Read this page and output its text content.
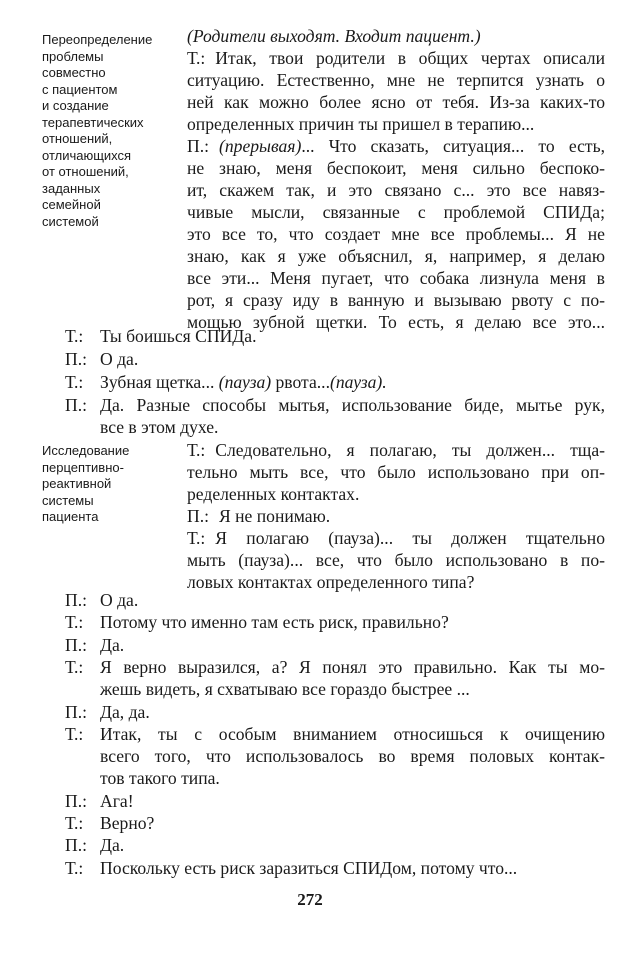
Переопределение
проблемы
совместно
с пациентом
и создание
терапевтических
отношений,
отличающихся
от отношений,
заданных
семейной
системой
(Родители выходят. Входит пациент.)
Т.: Итак, твои родители в общих чертах описали
ситуацию. Естественно, мне не терпится узнать о
ней как можно более ясно от тебя. Из-за каких-то
определенных причин ты пришел в терапию...
П.: (прерывая)... Что сказать, ситуация... то есть,
не знаю, меня беспокоит, меня сильно беспоко-
ит, скажем так, и это связано с... это все навяз-
чивые мысли, связанные с проблемой СПИДа;
это все то, что создает мне все проблемы... Я не
знаю, как я уже объяснил, я, например, я делаю
все эти... Меня пугает, что собака лизнула меня в
рот, я сразу иду в ванную и вызываю рвоту с по-
мощью зубной щетки. То есть, я делаю все это...
Т.: Ты боишься СПИДа.
П.: О да.
Т.: Зубная щетка... (пауза) рвота...(пауза).
П.: Да. Разные способы мытья, использование биде, мытье рук,
все в этом духе.
Исследование
перцептивно-
реактивной
системы
пациента
Т.: Следовательно, я полагаю, ты должен... тща-
тельно мыть все, что было использовано при оп-
ределенных контактах.
П.: Я не понимаю.
Т.: Я полагаю (пауза)... ты должен тщательно
мыть (пауза)... все, что было использовано в по-
ловых контактах определенного типа?
П.: О да.
Т.: Потому что именно там есть риск, правильно?
П.: Да.
Т.: Я верно выразился, а? Я понял это правильно. Как ты мо-
жешь видеть, я схватываю все гораздо быстрее ...
П.: Да, да.
Т.: Итак, ты с особым вниманием относишься к очищению
всего того, что использовалось во время половых контак-
тов такого типа.
П.: Ага!
Т.: Верно?
П.: Да.
Т.: Поскольку есть риск заразиться СПИДом, потому что...
272
